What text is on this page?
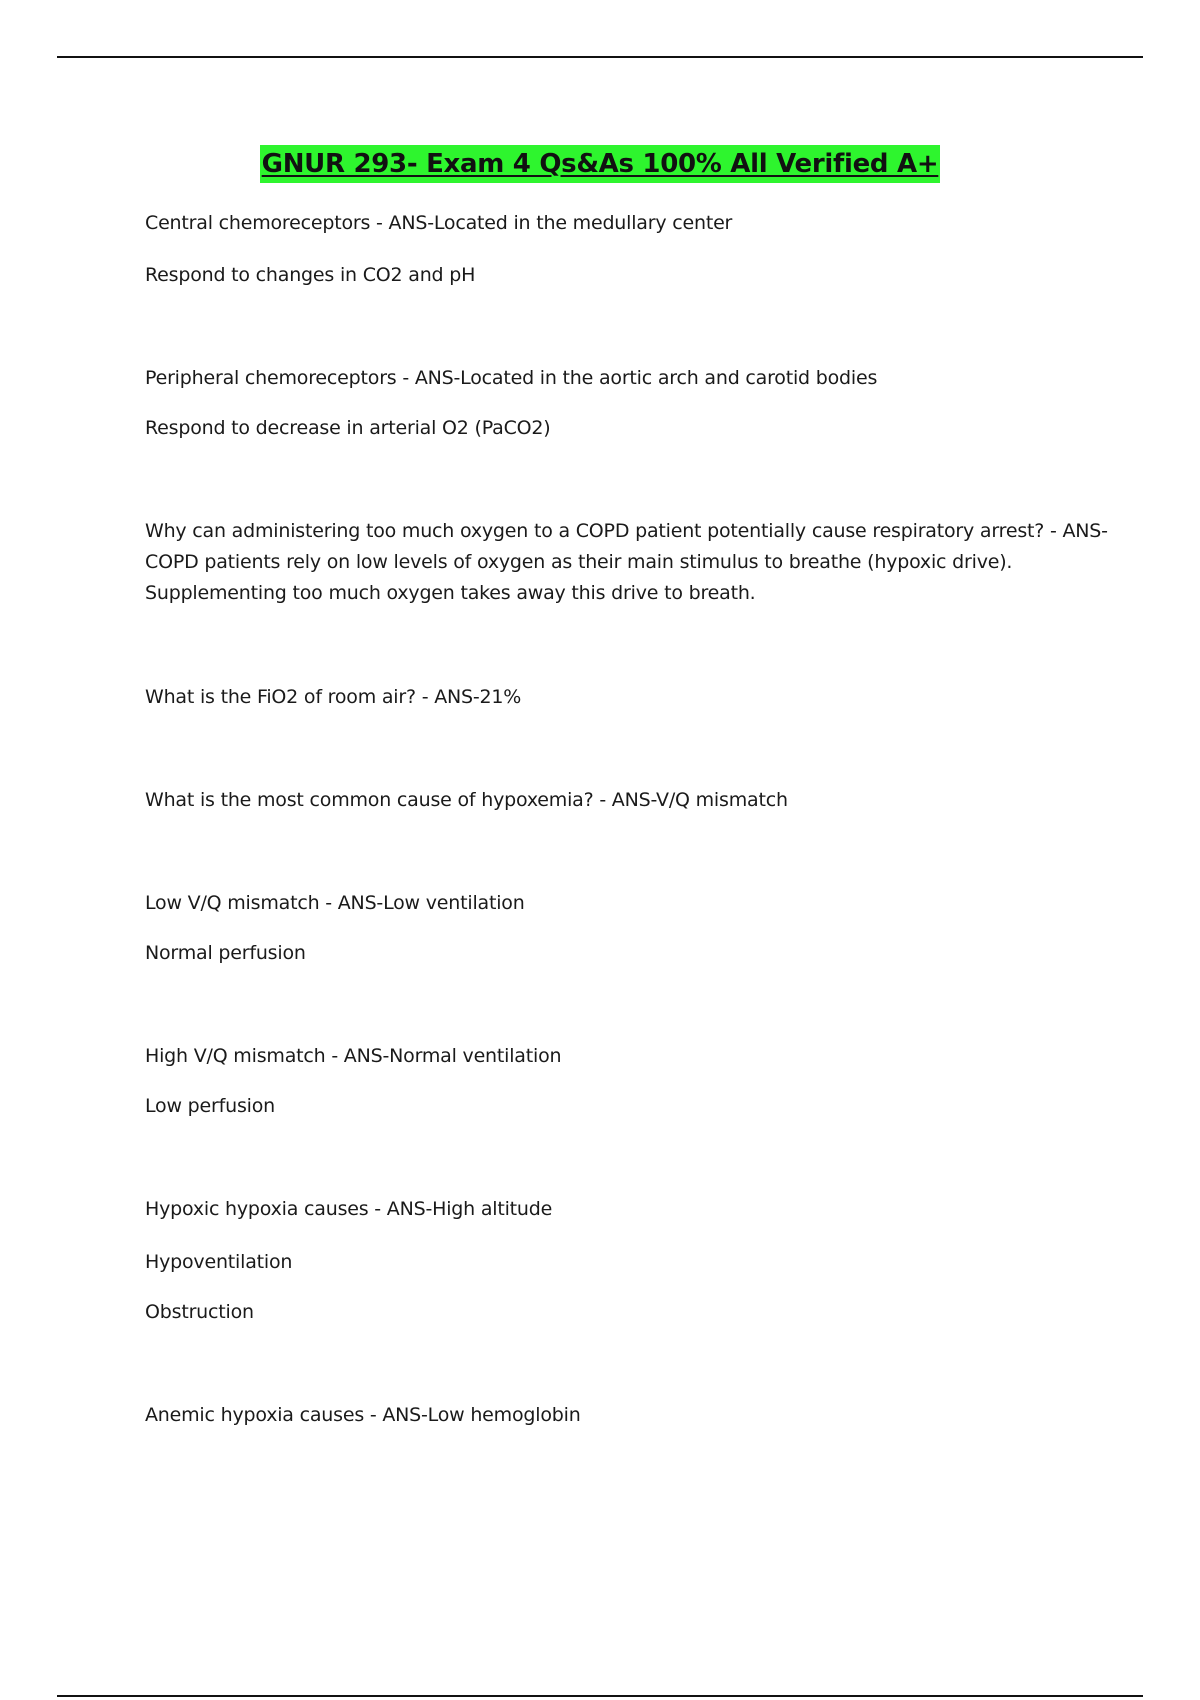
GNUR 293- Exam 4 Qs&As 100% All Verified A+
Central chemoreceptors - ANS-Located in the medullary center
Respond to changes in CO2 and pH
Peripheral chemoreceptors - ANS-Located in the aortic arch and carotid bodies
Respond to decrease in arterial O2 (PaCO2)
Why can administering too much oxygen to a COPD patient potentially cause respiratory arrest? - ANS-
COPD patients rely on low levels of oxygen as their main stimulus to breathe (hypoxic drive).
Supplementing too much oxygen takes away this drive to breath.
What is the FiO2 of room air? - ANS-21%
What is the most common cause of hypoxemia? - ANS-V/Q mismatch
Low V/Q mismatch - ANS-Low ventilation
Normal perfusion
High V/Q mismatch - ANS-Normal ventilation
Low perfusion
Hypoxic hypoxia causes - ANS-High altitude
Hypoventilation
Obstruction
Anemic hypoxia causes - ANS-Low hemoglobin
